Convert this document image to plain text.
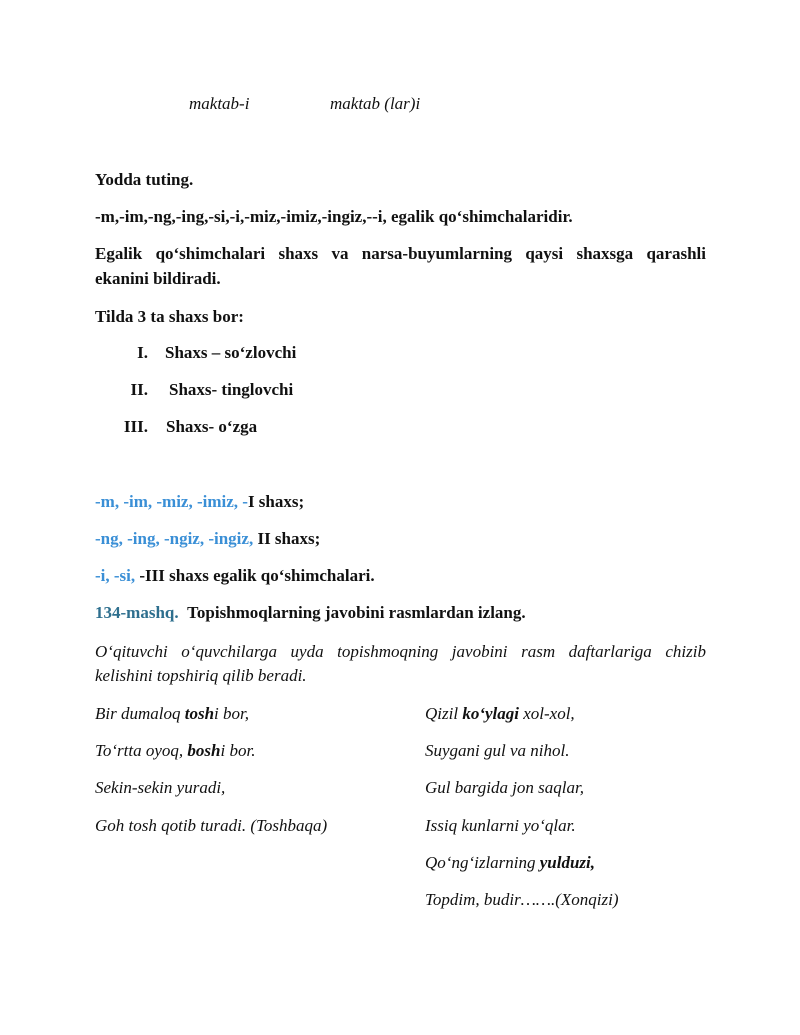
maktab-i	maktab (lar)i
Yodda tuting.
-m,-im,-ng,-ing,-si,-i,-miz,-imiz,-ingiz,--i, egalik qo‘shimchalaridir.
Egalik qo‘shimchalari shaxs va narsa-buyumlarning qaysi shaxsga qarashli
ekanini bildiradi.
Tilda 3 ta shaxs bor:
I. Shaxs – so‘zlovchi
II. Shaxs- tinglovchi
III. Shaxs- o‘zga
-m, -im, -miz, -imiz, -I shaxs;
-ng, -ing, -ngiz, -ingiz, II shaxs;
-i, -si, -III shaxs egalik qo‘shimchalari.
134-mashq. Topishmoqlarning javobini rasmlardan izlang.
O‘qituvchi o‘quvchilarga uyda topishmoqning javobini rasm daftarlariga chizib
kelishini topshiriq qilib beradi.
Bir dumaloq toshi bor,
To‘rtta oyoq, boshi bor.
Sekin-sekin yuradi,
Goh tosh qotib turadi. (Toshbaqa)
Qizil ko‘ylagi xol-xol,
Suygani gul va nihol.
Gul bargida jon saqlar,
Issiq kunlarni yo‘qlar.
Qo‘ng‘izlarning yulduzi,
Topdim, budir…….(Xonqizi)
